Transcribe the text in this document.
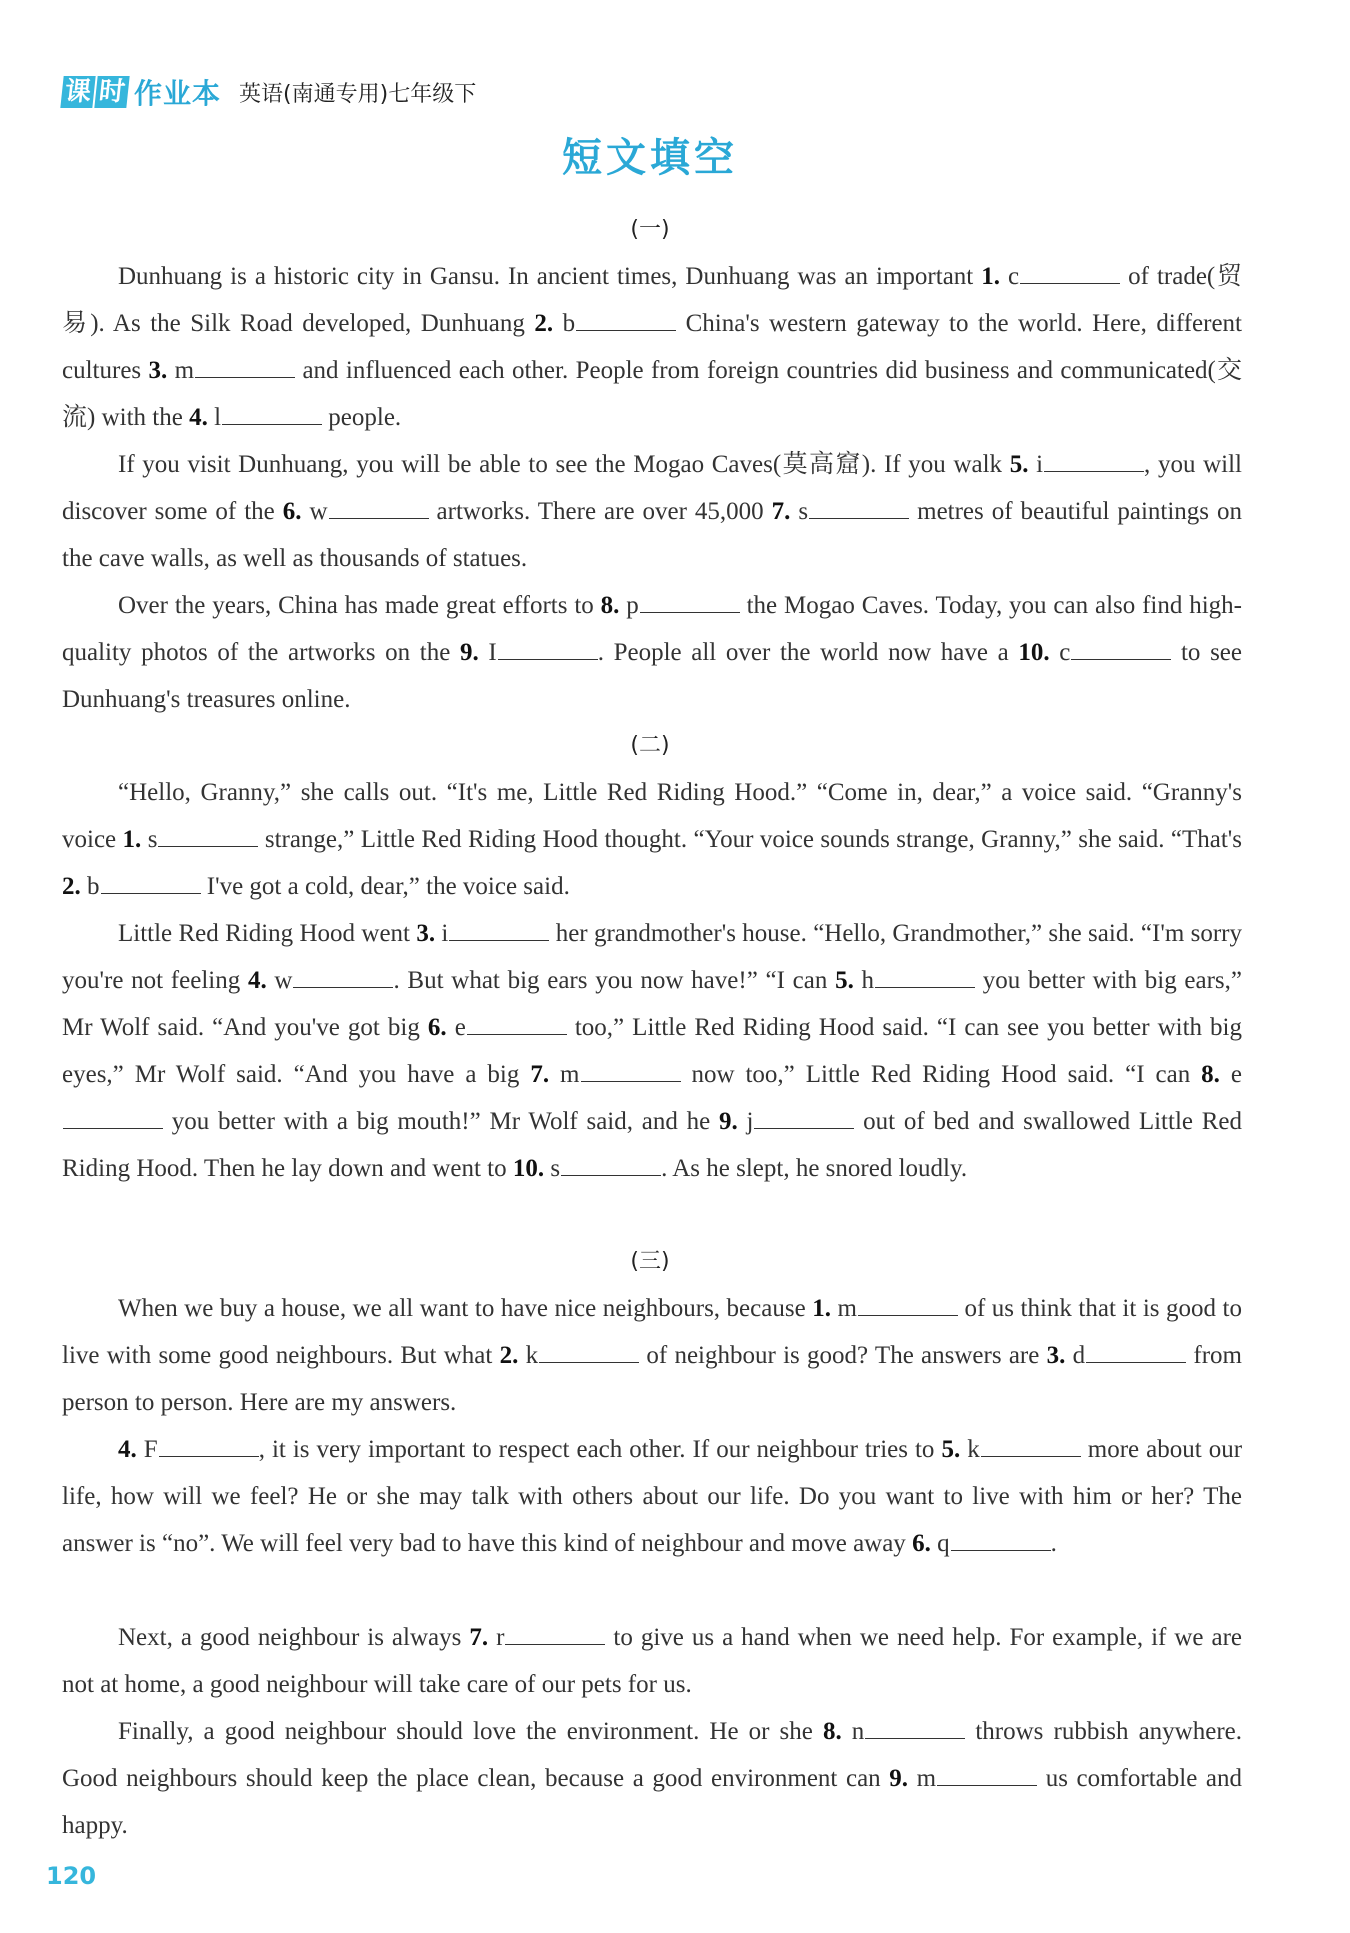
课 时 作业本 英语(南通专用)七年级下
短文填空
(一)

Dunhuang is a historic city in Gansu. In ancient times, Dunhuang was an important 1. c	of trade(贸易). As the Silk Road developed, Dunhuang 2. b	China's western gateway to the world. Here, different cultures 3. m	and influenced each other. People from foreign countries did business and communicated(交流) with the 4. l	people.

If you visit Dunhuang, you will be able to see the Mogao Caves(莫高窟). If you walk 5. i	, you will discover some of the 6. w	artworks. There are over 45,000 7. s	metres of beautiful paintings on the cave walls, as well as thousands of statues.

Over the years, China has made great efforts to 8. p	the Mogao Caves. Today, you can also find high-quality photos of the artworks on the 9. I	. People all over the world now have a 10. c	to see Dunhuang's treasures online.

(二)

“Hello, Granny,” she calls out. “It's me, Little Red Riding Hood.” “Come in, dear,” a voice said. “Granny's voice 1. s	strange,” Little Red Riding Hood thought. “Your voice sounds strange, Granny,” she said. “That's 2. b	I've got a cold, dear,” the voice said.

Little Red Riding Hood went 3. i	her grandmother's house. “Hello, Grandmother,” she said. “I'm sorry you're not feeling 4. w	. But what big ears you now have!” “I can 5. h	you better with big ears,” Mr Wolf said. “And you've got big 6. e	too,” Little Red Riding Hood said. “I can see you better with big eyes,” Mr Wolf said. “And you have a big 7. m	now too,” Little Red Riding Hood said. “I can 8. e you better with a big mouth!” Mr Wolf said, and he 9. j	out of bed and swallowed Little Red Riding Hood. Then he lay down and went to 10. s	. As he slept, he snored loudly.

(三)

When we buy a house, we all want to have nice neighbours, because 1. m	of us think that it is good to live with some good neighbours. But what 2. k	of neighbour is good? The answers are 3. d	from person to person. Here are my answers.

4. F	, it is very important to respect each other. If our neighbour tries to 5. k	more about our life, how will we feel? He or she may talk with others about our life. Do you want to live with him or her? The answer is “no”. We will feel very bad to have this kind of neighbour and move away 6. q	.

Next, a good neighbour is always 7. r	to give us a hand when we need help. For example, if we are not at home, a good neighbour will take care of our pets for us.

Finally, a good neighbour should love the environment. He or she 8. n	throws rubbish anywhere. Good neighbours should keep the place clean, because a good environment can 9. m	us comfortable and happy.

120
